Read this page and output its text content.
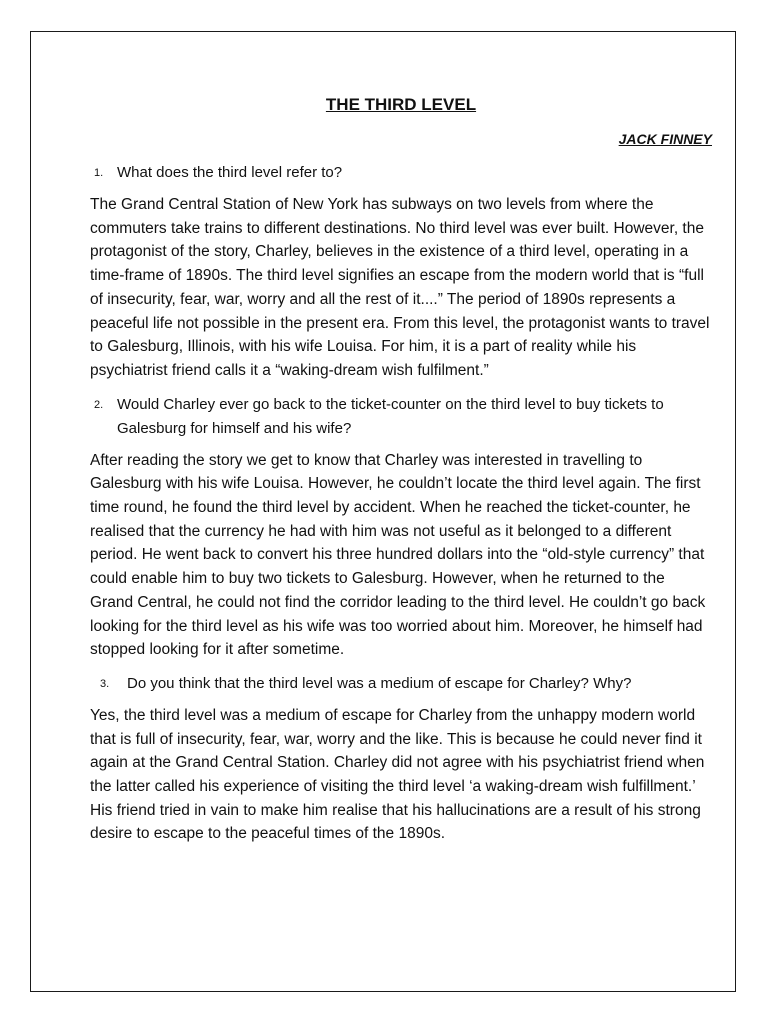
THE THIRD LEVEL
JACK FINNEY
1. What does the third level refer to?

The Grand Central Station of New York has subways on two levels from where the commuters take trains to different destinations. No third level was ever built. However, the protagonist of the story, Charley, believes in the existence of a third level, operating in a time-frame of 1890s. The third level signifies an escape from the modern world that is “full of insecurity, fear, war, worry and all the rest of it....” The period of 1890s represents a peaceful life not possible in the present era. From this level, the protagonist wants to travel to Galesburg, Illinois, with his wife Louisa. For him, it is a part of reality while his psychiatrist friend calls it a “waking-dream wish fulfilment.”

2. Would Charley ever go back to the ticket-counter on the third level to buy tickets to Galesburg for himself and his wife?

After reading the story we get to know that Charley was interested in travelling to Galesburg with his wife Louisa. However, he couldn’t locate the third level again. The first time round, he found the third level by accident. When he reached the ticket-counter, he realised that the currency he had with him was not useful as it belonged to a different period. He went back to convert his three hundred dollars into the “old-style currency” that could enable him to buy two tickets to Galesburg. However, when he returned to the Grand Central, he could not find the corridor leading to the third level. He couldn’t go back looking for the third level as his wife was too worried about him. Moreover, he himself had stopped looking for it after sometime.

3.	Do you think that the third level was a medium of escape for Charley? Why?

Yes, the third level was a medium of escape for Charley from the unhappy modern world that is full of insecurity, fear, war, worry and the like. This is because he could never find it again at the Grand Central Station. Charley did not agree with his psychiatrist friend when the latter called his experience of visiting the third level ‘a waking-dream wish fulfillment.’ His friend tried in vain to make him realise that his hallucinations are a result of his strong desire to escape to the peaceful times of the 1890s.
